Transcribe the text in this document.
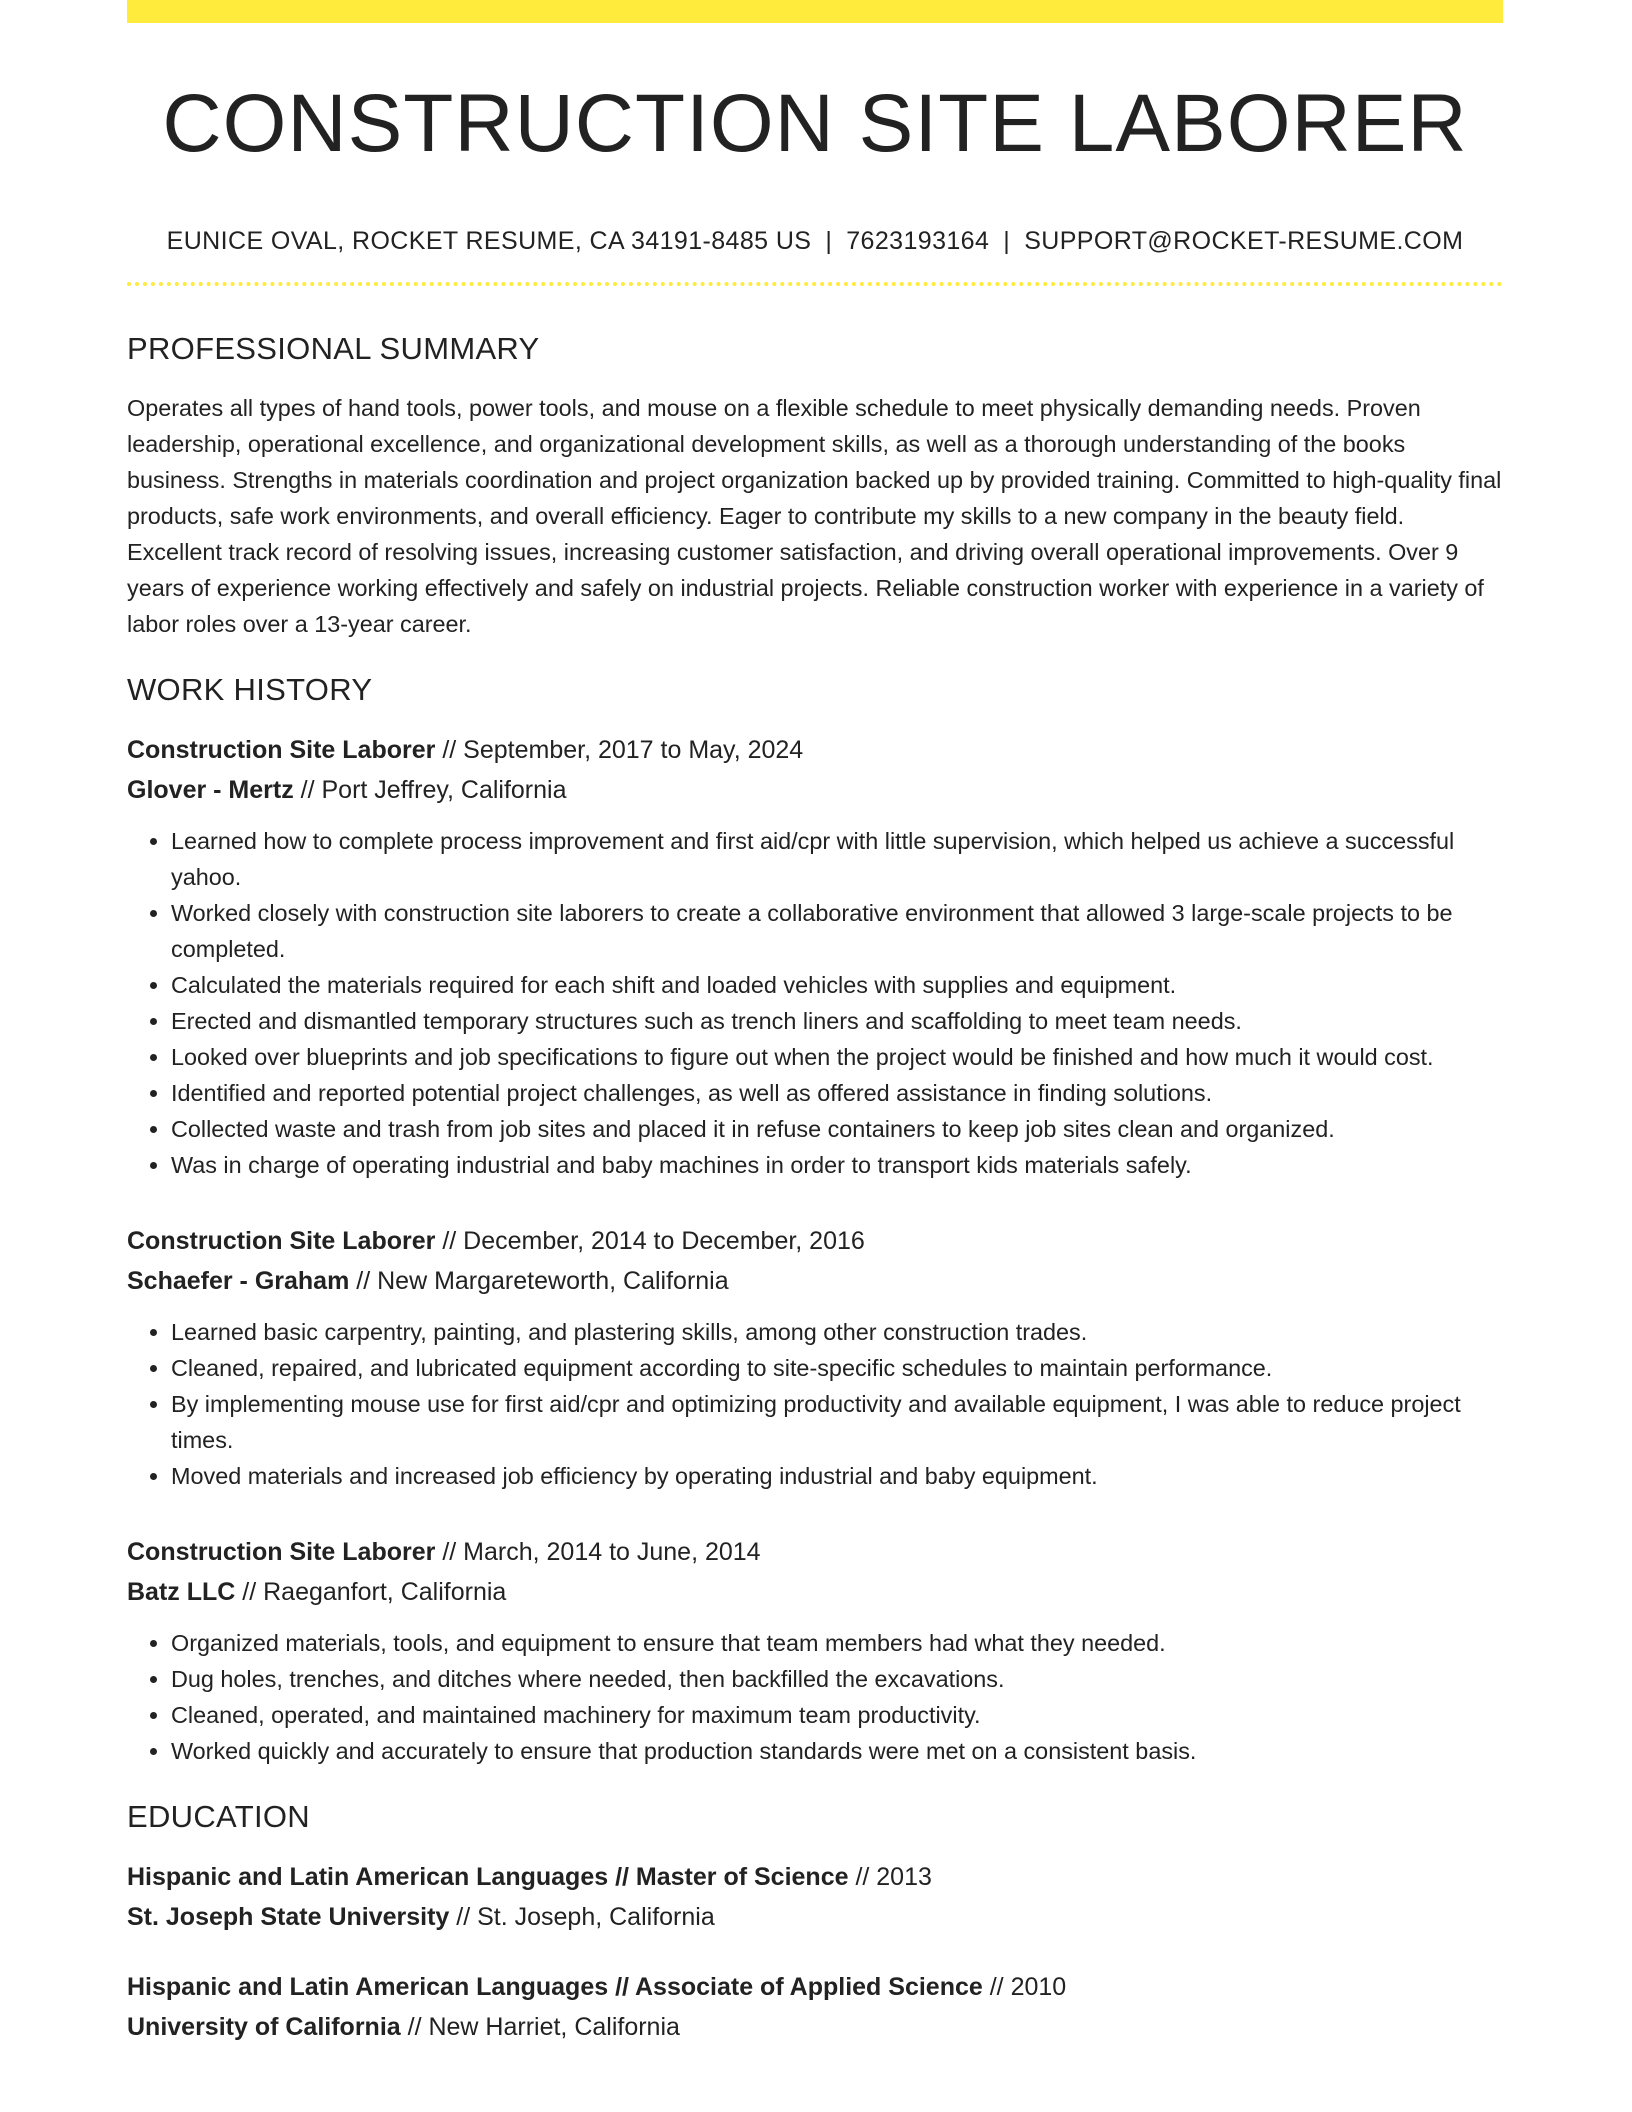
CONSTRUCTION SITE LABORER
EUNICE OVAL, ROCKET RESUME, CA 34191-8485 US | 7623193164 | SUPPORT@ROCKET-RESUME.COM
PROFESSIONAL SUMMARY

Operates all types of hand tools, power tools, and mouse on a flexible schedule to meet physically demanding needs. Proven leadership, operational excellence, and organizational development skills, as well as a thorough understanding of the books business. Strengths in materials coordination and project organization backed up by provided training. Committed to high-quality final products, safe work environments, and overall efficiency. Eager to contribute my skills to a new company in the beauty field. Excellent track record of resolving issues, increasing customer satisfaction, and driving overall operational improvements. Over 9 years of experience working effectively and safely on industrial projects. Reliable construction worker with experience in a variety of labor roles over a 13-year career.

WORK HISTORY
Construction Site Laborer // September, 2017 to May, 2024
Glover - Mertz // Port Jeffrey, California
• Learned how to complete process improvement and first aid/cpr with little supervision, which helped us achieve a successful yahoo.
• Worked closely with construction site laborers to create a collaborative environment that allowed 3 large-scale projects to be completed.
• Calculated the materials required for each shift and loaded vehicles with supplies and equipment.
• Erected and dismantled temporary structures such as trench liners and scaffolding to meet team needs.
• Looked over blueprints and job specifications to figure out when the project would be finished and how much it would cost.
• Identified and reported potential project challenges, as well as offered assistance in finding solutions.
• Collected waste and trash from job sites and placed it in refuse containers to keep job sites clean and organized.
• Was in charge of operating industrial and baby machines in order to transport kids materials safely.
Construction Site Laborer // December, 2014 to December, 2016
Schaefer - Graham // New Margareteworth, California
• Learned basic carpentry, painting, and plastering skills, among other construction trades.
• Cleaned, repaired, and lubricated equipment according to site-specific schedules to maintain performance.
• By implementing mouse use for first aid/cpr and optimizing productivity and available equipment, I was able to reduce project times.
• Moved materials and increased job efficiency by operating industrial and baby equipment.
Construction Site Laborer // March, 2014 to June, 2014
Batz LLC // Raeganfort, California
• Organized materials, tools, and equipment to ensure that team members had what they needed.
• Dug holes, trenches, and ditches where needed, then backfilled the excavations.
• Cleaned, operated, and maintained machinery for maximum team productivity.
• Worked quickly and accurately to ensure that production standards were met on a consistent basis.
EDUCATION
Hispanic and Latin American Languages // Master of Science // 2013
St. Joseph State University // St. Joseph, California
Hispanic and Latin American Languages // Associate of Applied Science // 2010
University of California // New Harriet, California
